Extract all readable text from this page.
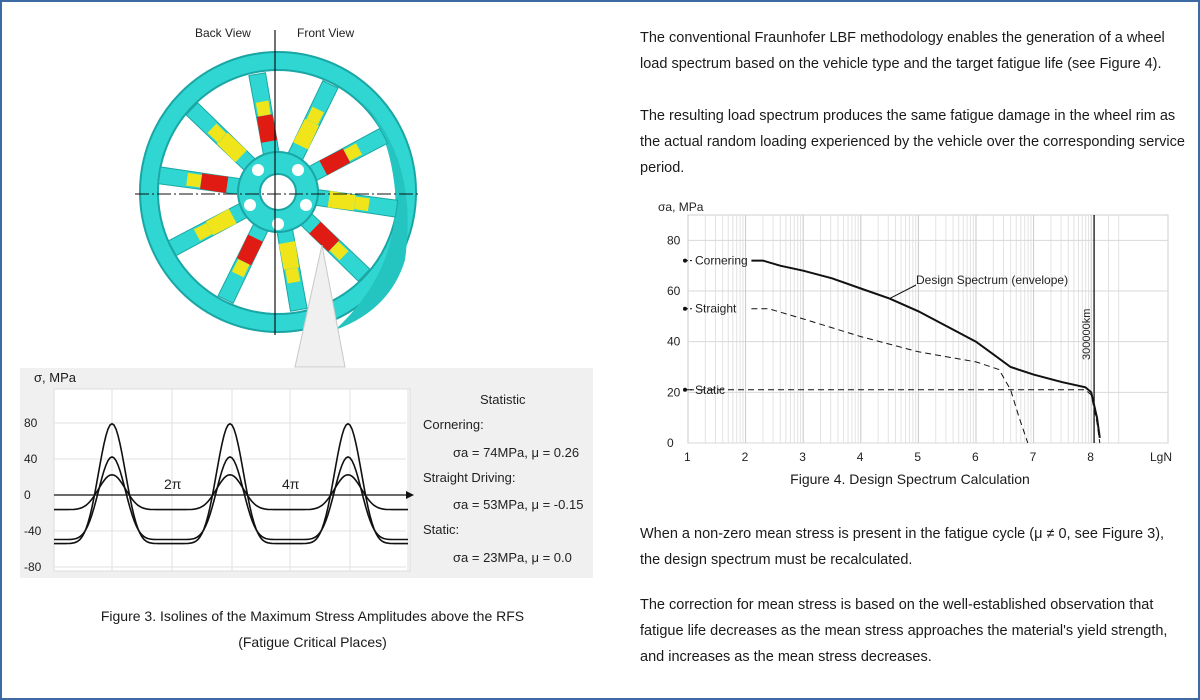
Back View	Front View
σ, MPa
80
40
0
-40
-80
2π	4π
Statistic
Cornering:
σa = 74MPa, μ = 0.26
Straight Driving:
σa = 53MPa, μ = -0.15
Static:
σa = 23MPa, μ = 0.0
Figure 3. Isolines of the Maximum Stress Amplitudes above the RFS
(Fatigue Critical Places)
The conventional Fraunhofer LBF methodology enables the generation of a wheel load spectrum based on the vehicle type and the target fatigue life (see Figure 4).
The resulting load spectrum produces the same fatigue damage in the wheel rim as the actual random loading experienced by the vehicle over the corresponding service period.
σa, MPa
0
20
40
60
80
1	2	3	4	5	6	7	8	LgN
Cornering
Straight
Static
300000km
Design Spectrum (envelope)
Figure 4. Design Spectrum Calculation
When a non-zero mean stress is present in the fatigue cycle (μ ≠ 0, see Figure 3), the design spectrum must be recalculated.
The correction for mean stress is based on the well-established observation that fatigue life decreases as the mean stress approaches the material's yield strength, and increases as the mean stress decreases.
